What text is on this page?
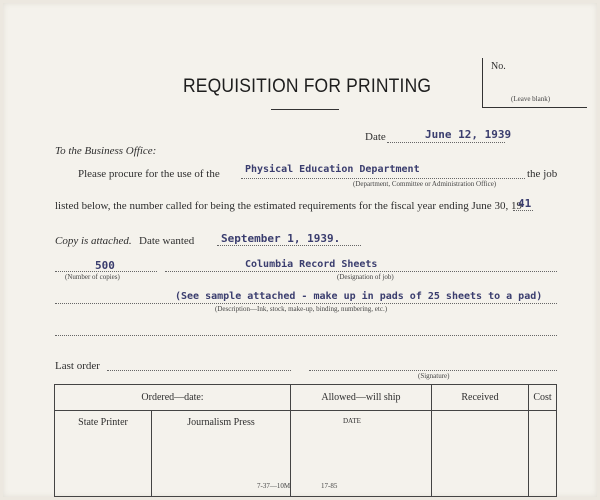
REQUISITION FOR PRINTING
No.
(Leave blank)
Date	June 12, 1939
To the Business Office:
Please procure for the use of the	Physical Education Department	the job
(Department, Committee or Administration Office)
listed below, the number called for being the estimated requirements for the fiscal year ending June 30, 19
41
Copy is attached. Date wanted September 1, 1939.
500
(Number of copies)
Columbia Record Sheets
(Designation of job)
(See sample attached - make up in pads of 25 sheets to a pad)
(Description—Ink, stock, make-up, binding, numbering, etc.)
Last order
(Signature)
Ordered—date:		Allowed—will ship	Received	Cost
State Printer	Journalism Press	DATE		
7-37—10M	17-85
